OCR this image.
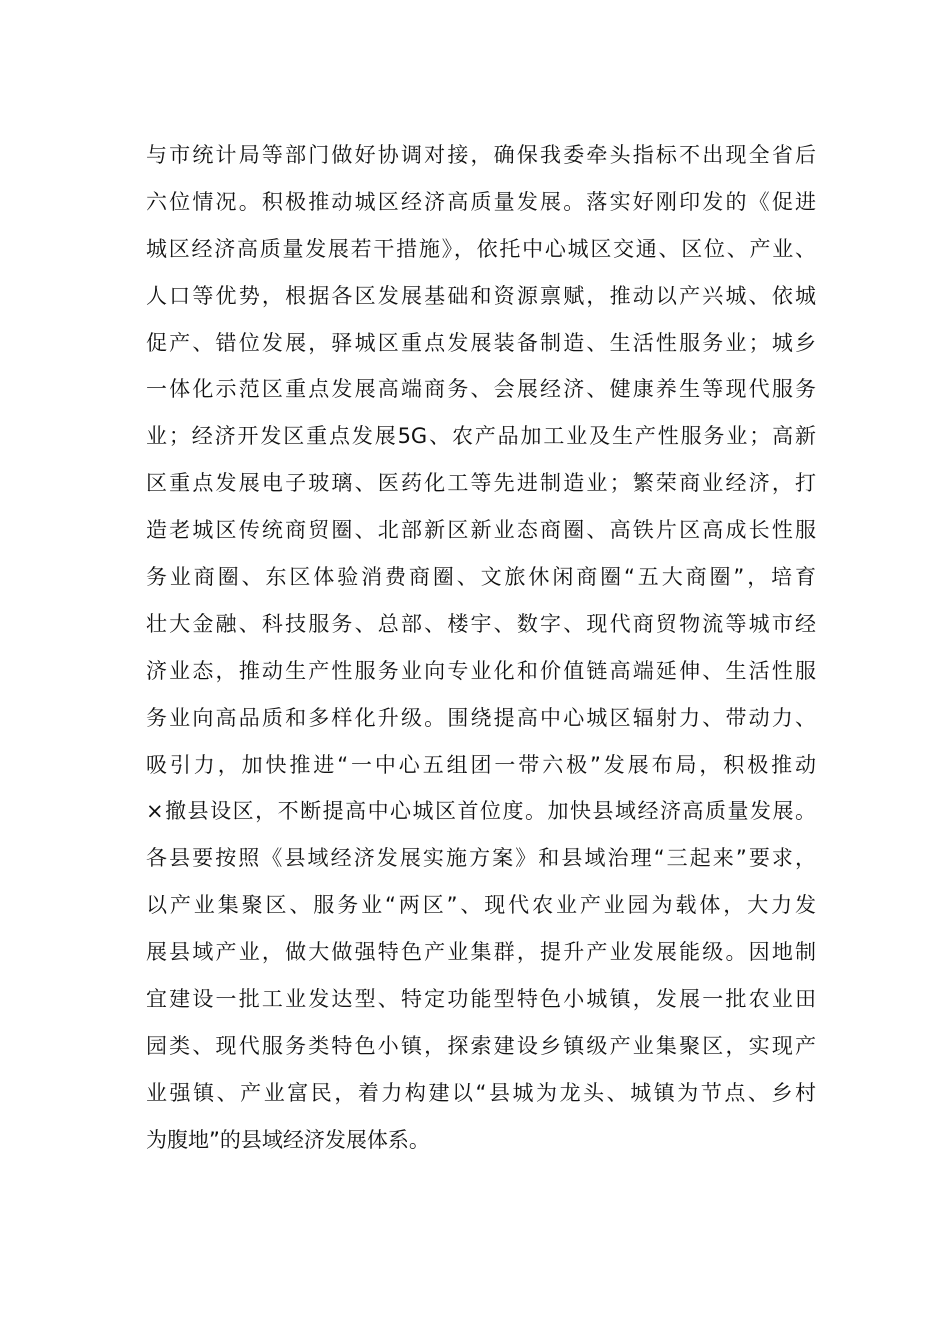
与市统计局等部门做好协调对接，确保我委牵头指标不出现全省后
六位情况。积极推动城区经济高质量发展。落实好刚印发的《促进
城区经济高质量发展若干措施》，依托中心城区交通、区位、产业、
人口等优势，根据各区发展基础和资源禀赋，推动以产兴城、依城
促产、错位发展，驿城区重点发展装备制造、生活性服务业；城乡
一体化示范区重点发展高端商务、会展经济、健康养生等现代服务
业；经济开发区重点发展5G、农产品加工业及生产性服务业；高新
区重点发展电子玻璃、医药化工等先进制造业；繁荣商业经济，打
造老城区传统商贸圈、北部新区新业态商圈、高铁片区高成长性服
务业商圈、东区体验消费商圈、文旅休闲商圈“五大商圈”，培育
壮大金融、科技服务、总部、楼宇、数字、现代商贸物流等城市经
济业态，推动生产性服务业向专业化和价值链高端延伸、生活性服
务业向高品质和多样化升级。围绕提高中心城区辐射力、带动力、
吸引力，加快推进“一中心五组团一带六极”发展布局，积极推动
×撤县设区，不断提高中心城区首位度。加快县域经济高质量发展。
各县要按照《县域经济发展实施方案》和县域治理“三起来”要求，
以产业集聚区、服务业“两区”、现代农业产业园为载体，大力发
展县域产业，做大做强特色产业集群，提升产业发展能级。因地制
宜建设一批工业发达型、特定功能型特色小城镇，发展一批农业田
园类、现代服务类特色小镇，探索建设乡镇级产业集聚区，实现产
业强镇、产业富民，着力构建以“县城为龙头、城镇为节点、乡村
为腹地”的县域经济发展体系。
